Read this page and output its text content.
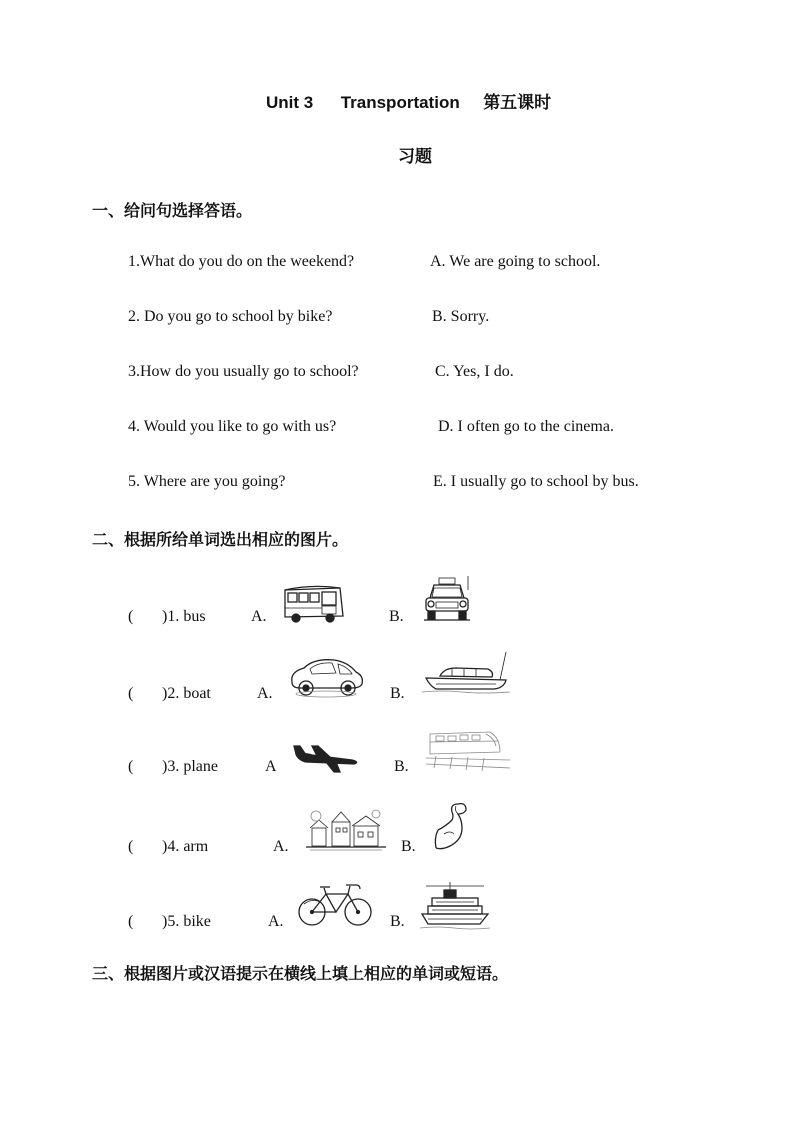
Unit 3 Transportation 第五课时
习题
一、给问句选择答语。
1.What do you do on the weekend?	A. We are going to school.
2. Do you go to school by bike?	B. Sorry.
3.How do you usually go to school?	C. Yes, I do.
4. Would you like to go with us?	D. I often go to the cinema.
5. Where are you going?	E. I usually go to school by bus.
二、根据所给单词选出相应的图片。
( )1. bus	A.	B.
( )2. boat	A.	B.
( )3. plane	A	B.
( )4. arm	A.	B.
( )5. bike	A.	B.
三、根据图片或汉语提示在横线上填上相应的单词或短语。
